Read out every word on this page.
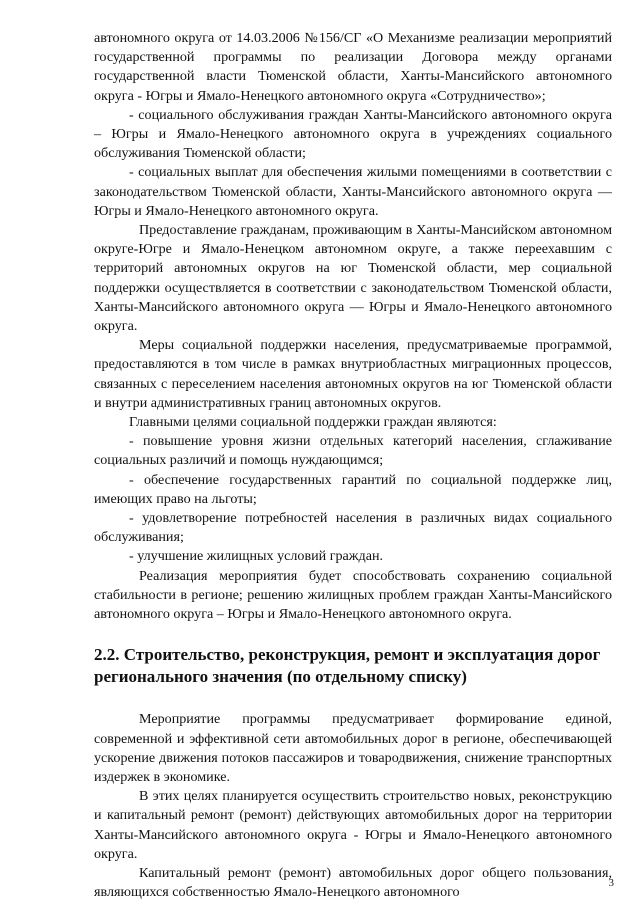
автономного округа от 14.03.2006 №156/СГ «О Механизме реализации мероприятий государственной программы по реализации Договора между органами государственной власти Тюменской области, Ханты-Мансийского автономного округа - Югры и Ямало-Ненецкого автономного округа «Сотрудничество»;

- социального обслуживания граждан Ханты-Мансийского автономного округа – Югры и Ямало-Ненецкого автономного округа в учреждениях социального обслуживания Тюменской области;

- социальных выплат для обеспечения жилыми помещениями в соответствии с законодательством Тюменской области, Ханты-Мансийского автономного округа — Югры и Ямало-Ненецкого автономного округа.

Предоставление гражданам, проживающим в Ханты-Мансийском автономном округе-Югре и Ямало-Ненецком автономном округе, а также переехавшим с территорий автономных округов на юг Тюменской области, мер социальной поддержки осуществляется в соответствии с законодательством Тюменской области, Ханты-Мансийского автономного округа — Югры и Ямало-Ненецкого автономного округа.

Меры социальной поддержки населения, предусматриваемые программой, предоставляются в том числе в рамках внутриобластных миграционных процессов, связанных с переселением населения автономных округов на юг Тюменской области и внутри административных границ автономных округов.

Главными целями социальной поддержки граждан являются:

- повышение уровня жизни отдельных категорий населения, сглаживание социальных различий и помощь нуждающимся;

- обеспечение государственных гарантий по социальной поддержке лиц, имеющих право на льготы;

- удовлетворение потребностей населения в различных видах социального обслуживания;

- улучшение жилищных условий граждан.

Реализация мероприятия будет способствовать сохранению социальной стабильности в регионе; решению жилищных проблем граждан Ханты-Мансийского автономного округа – Югры и Ямало-Ненецкого автономного округа.

2.2. Строительство, реконструкция, ремонт и эксплуатация дорог регионального значения (по отдельному списку)

Мероприятие программы предусматривает формирование единой, современной и эффективной сети автомобильных дорог в регионе, обеспечивающей ускорение движения потоков пассажиров и товародвижения, снижение транспортных издержек в экономике.

В этих целях планируется осуществить строительство новых, реконструкцию и капитальный ремонт (ремонт) действующих автомобильных дорог на территории Ханты-Мансийского автономного округа - Югры и Ямало-Ненецкого автономного округа.

Капитальный ремонт (ремонт) автомобильных дорог общего пользования, являющихся собственностью Ямало-Ненецкого автономного

3
